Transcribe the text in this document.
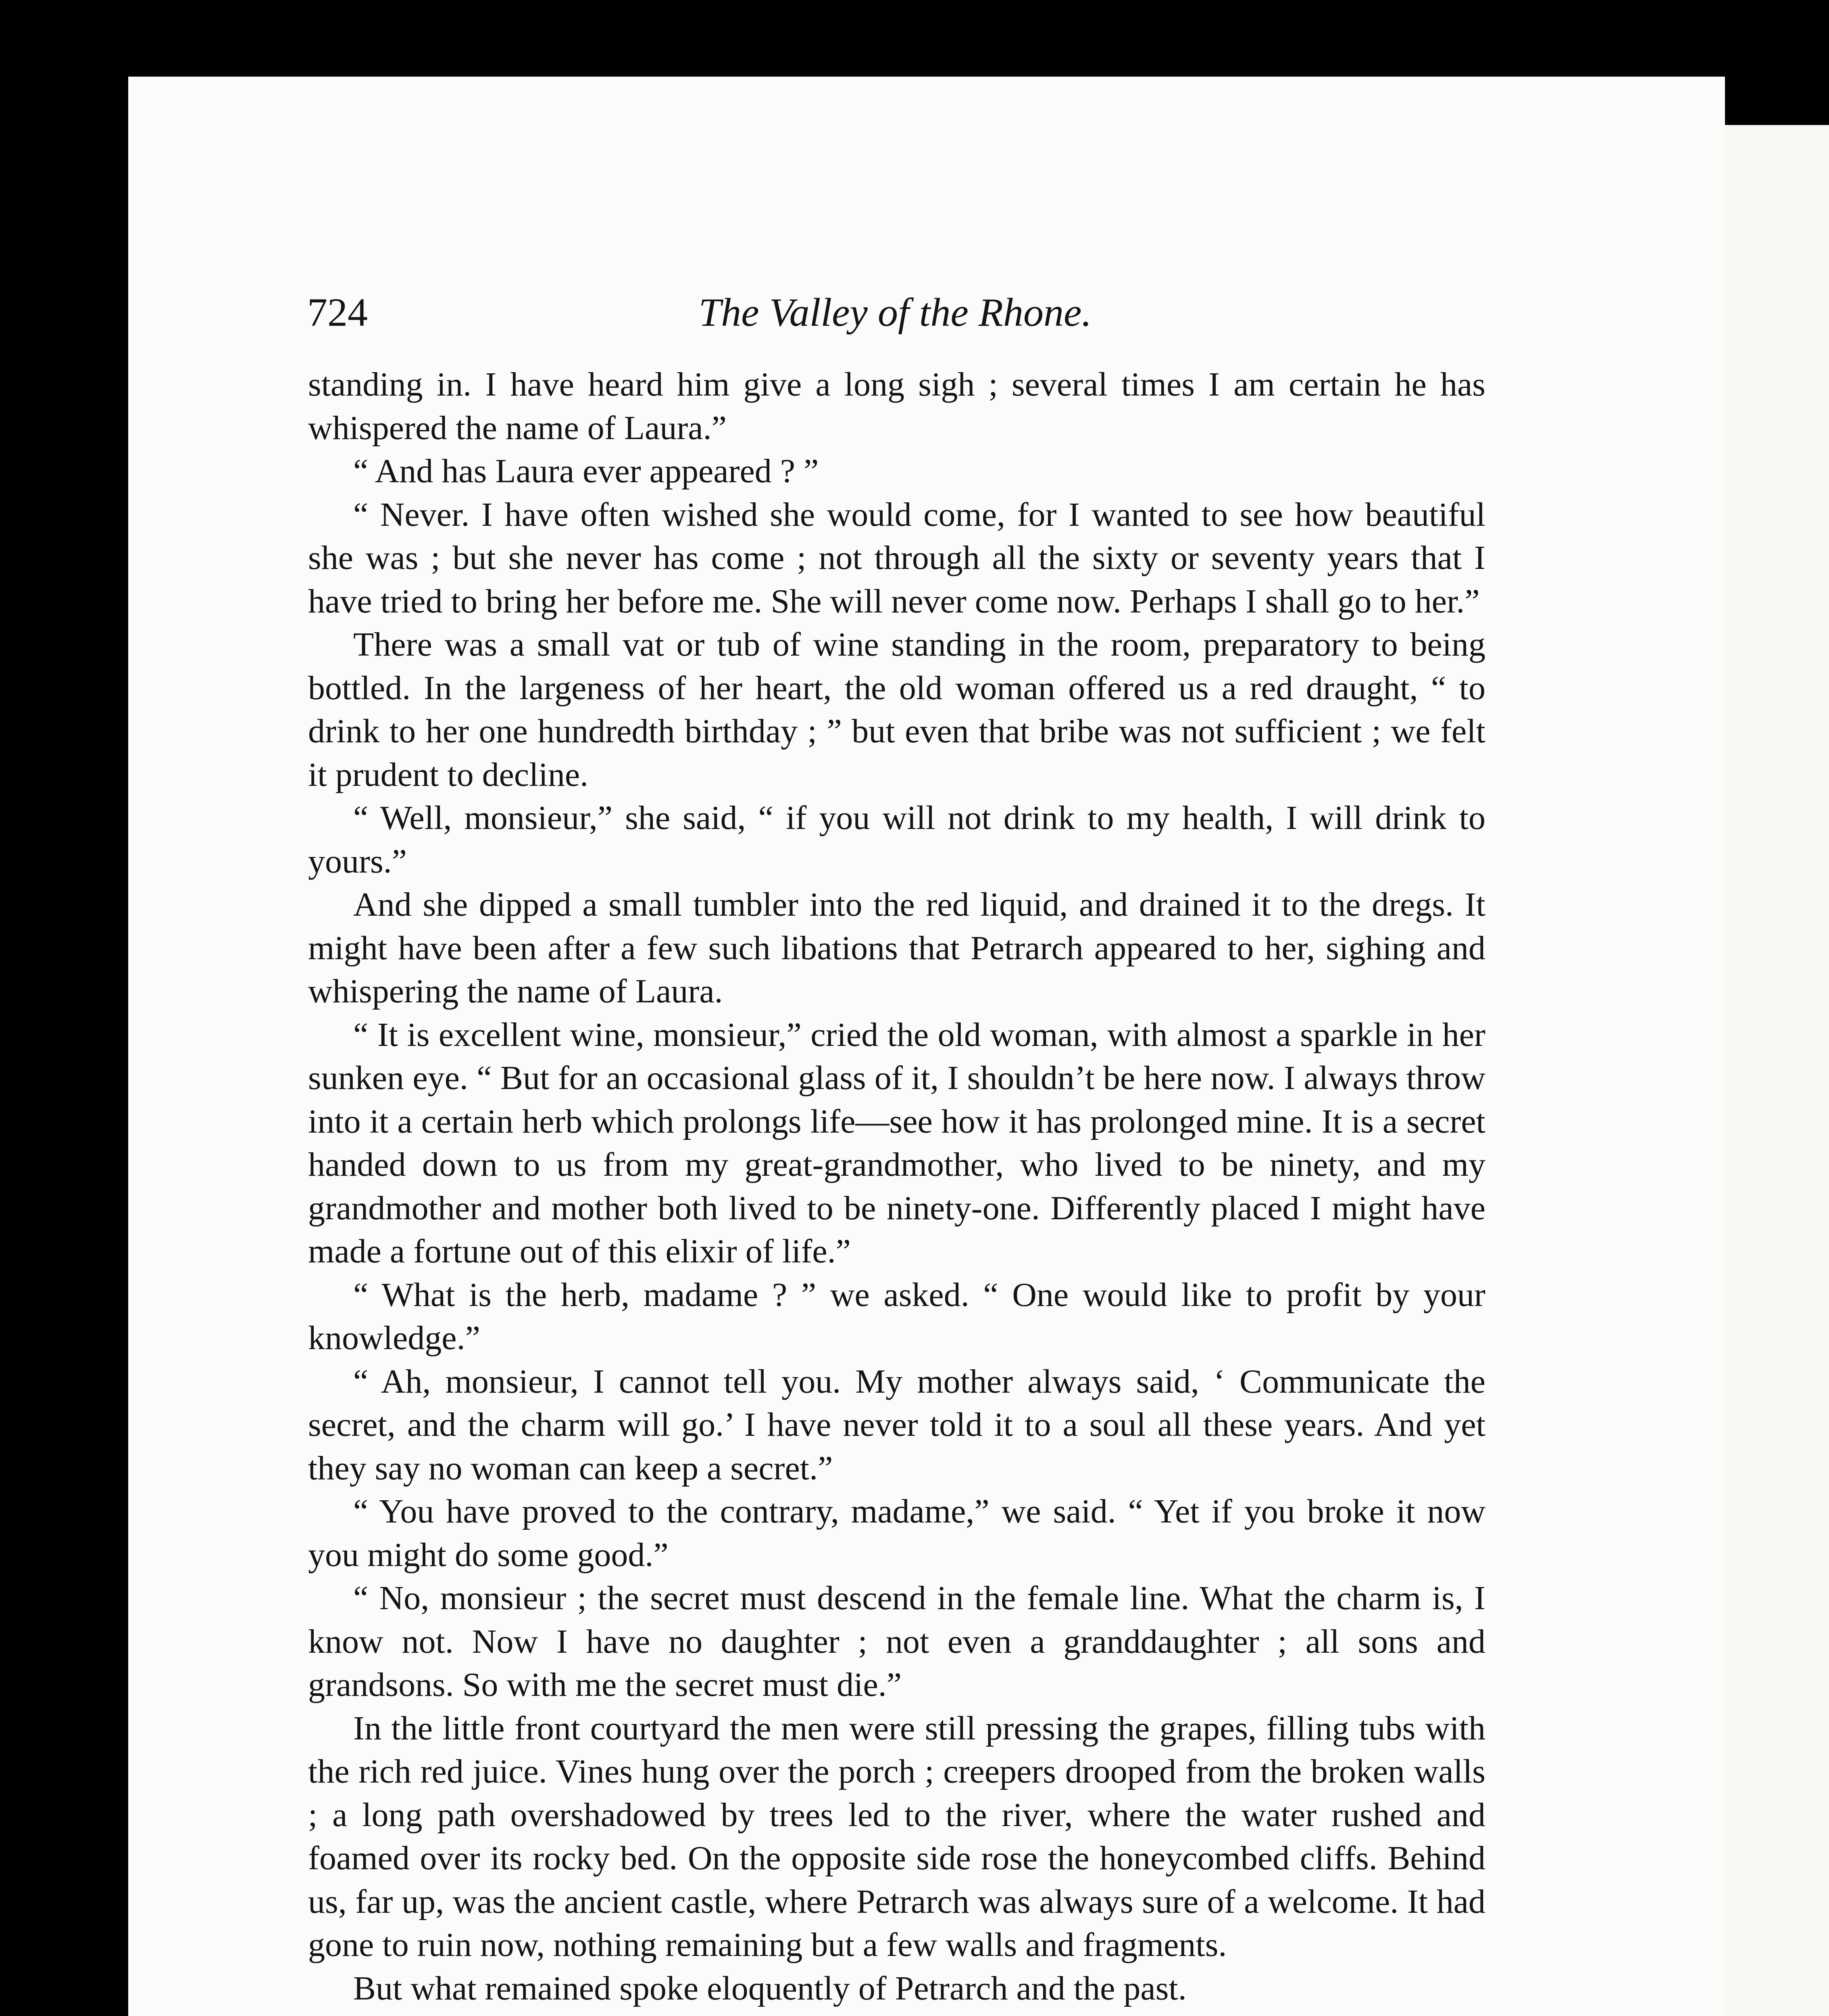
724	The Valley of the Rhone.

standing in. I have heard him give a long sigh ; several times I am certain he has whispered the name of Laura.”

“ And has Laura ever appeared ? ”

“ Never. I have often wished she would come, for I wanted to see how beautiful she was ; but she never has come ; not through all the sixty or seventy years that I have tried to bring her before me. She will never come now. Perhaps I shall go to her.”

There was a small vat or tub of wine standing in the room, preparatory to being bottled. In the largeness of her heart, the old woman offered us a red draught, “ to drink to her one hundredth birthday ; ” but even that bribe was not sufficient ; we felt it prudent to decline.

“ Well, monsieur,” she said, “ if you will not drink to my health, I will drink to yours.”

And she dipped a small tumbler into the red liquid, and drained it to the dregs. It might have been after a few such libations that Petrarch appeared to her, sighing and whispering the name of Laura.

“ It is excellent wine, monsieur,” cried the old woman, with almost a sparkle in her sunken eye. “ But for an occasional glass of it, I shouldn’t be here now. I always throw into it a certain herb which prolongs life—see how it has prolonged mine. It is a secret handed down to us from my great-grandmother, who lived to be ninety, and my grandmother and mother both lived to be ninety-one. Differently placed I might have made a fortune out of this elixir of life.”

“ What is the herb, madame ? ” we asked. “ One would like to profit by your knowledge.”

“ Ah, monsieur, I cannot tell you. My mother always said, ‘ Communicate the secret, and the charm will go.’ I have never told it to a soul all these years. And yet they say no woman can keep a secret.”

“ You have proved to the contrary, madame,” we said. “ Yet if you broke it now you might do some good.”

“ No, monsieur ; the secret must descend in the female line. What the charm is, I know not. Now I have no daughter ; not even a granddaughter ; all sons and grandsons. So with me the secret must die.”

In the little front courtyard the men were still pressing the grapes, filling tubs with the rich red juice. Vines hung over the porch ; creepers drooped from the broken walls ; a long path overshadowed by trees led to the river, where the water rushed and foamed over its rocky bed. On the opposite side rose the honeycombed cliffs. Behind us, far up, was the ancient castle, where Petrarch was always sure of a welcome. It had gone to ruin now, nothing remaining but a few walls and fragments.

But what remained spoke eloquently of Petrarch and the past.
